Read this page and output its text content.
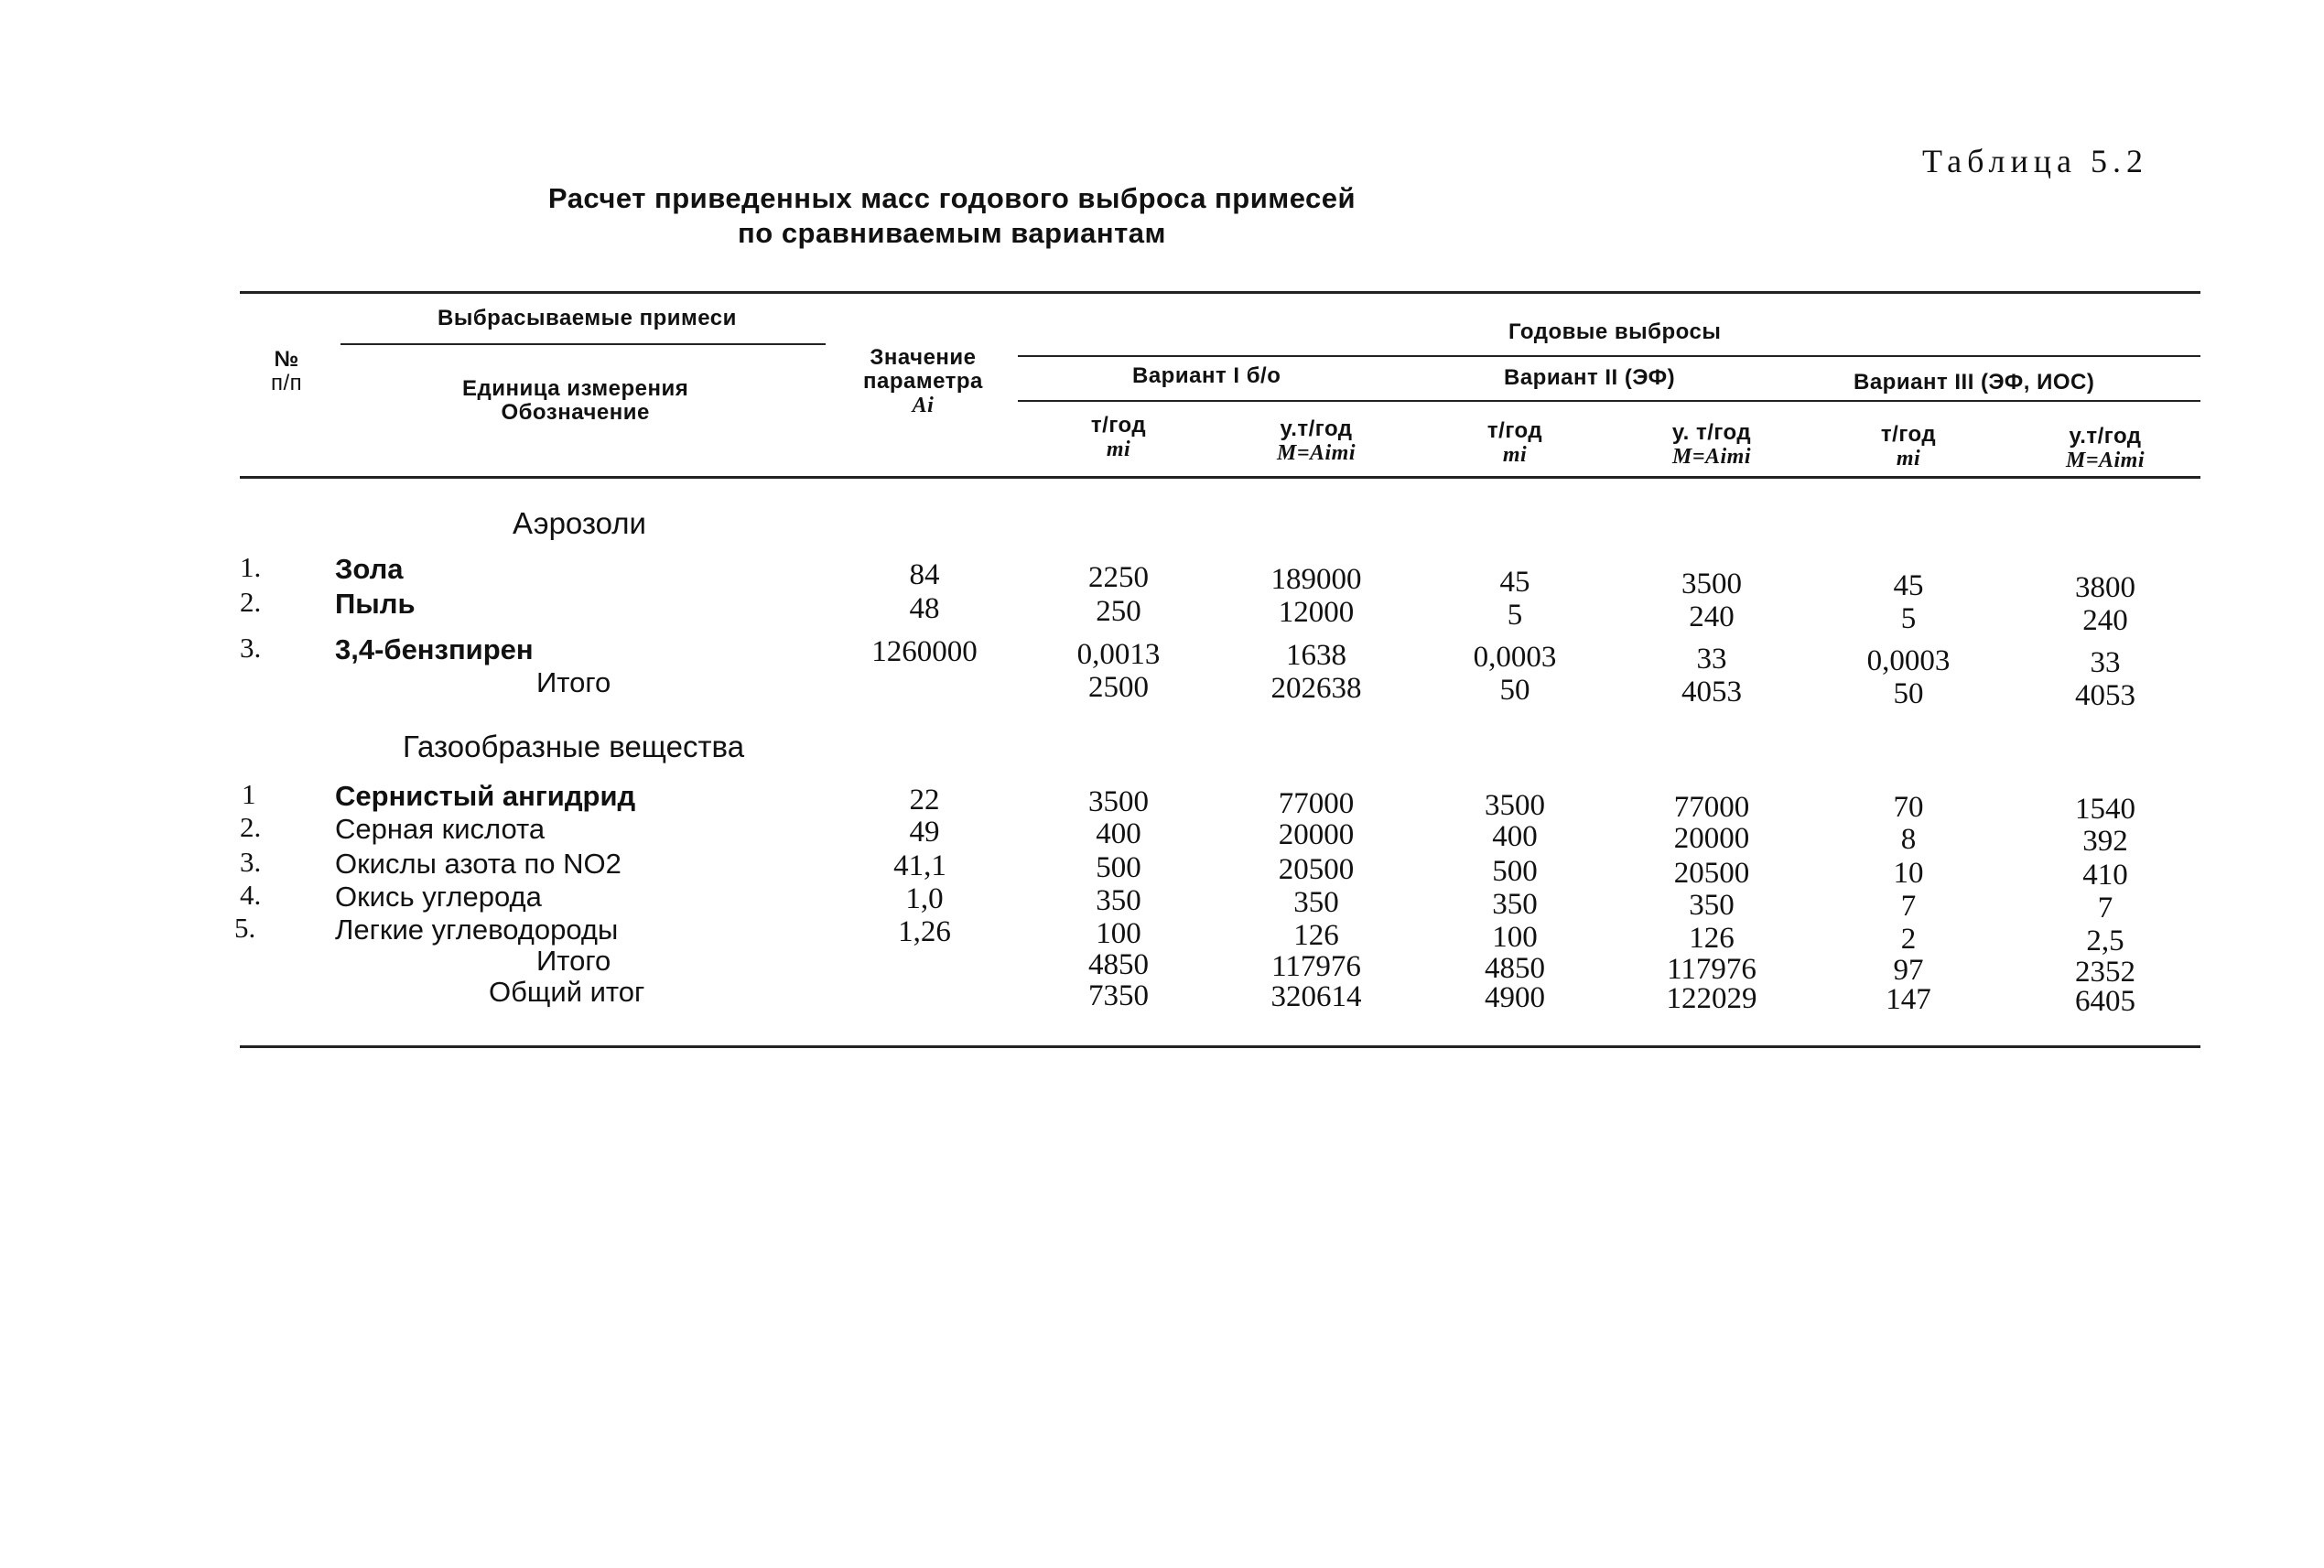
Таблица 5.2
Расчет приведенных масс годового выброса примесей
по сравниваемым вариантам
№
п/п
Выбрасываемые примеси
Единица измерения
Обозначение
Значение
параметра
Ai
Годовые выбросы
Вариант I б/о	Вариант II (ЭФ)	Вариант III (ЭФ, ИОС)
т/год
mi
у.т/год
M=Aimi
т/год
mi
у. т/год
M=Aimi
т/год
mi
у.т/год
M=Aimi
Аэрозоли
1.	Зола	84	2250	189000	45	3500	45	3800
2.	Пыль	48	250	12000	5	240	5	240
3.	3,4-бензпирен	1260000	0,0013	1638	0,0003	33	0,0003	33
Итого	2500	202638	50	4053	50	4053
Газообразные вещества
1	Сернистый ангидрид	22	3500	77000	3500	77000	70	1540
2.	Серная кислота	49	400	20000	400	20000	8	392
3.	Окислы азота по NO2	41,1	500	20500	500	20500	10	410
4.	Окись углерода	1,0	350	350	350	350	7	7
5.	Легкие углеводороды	1,26	100	126	100	126	2	2,5
Итого	4850	117976	4850	117976	97	2352
Общий итог	7350	320614	4900	122029	147	6405
